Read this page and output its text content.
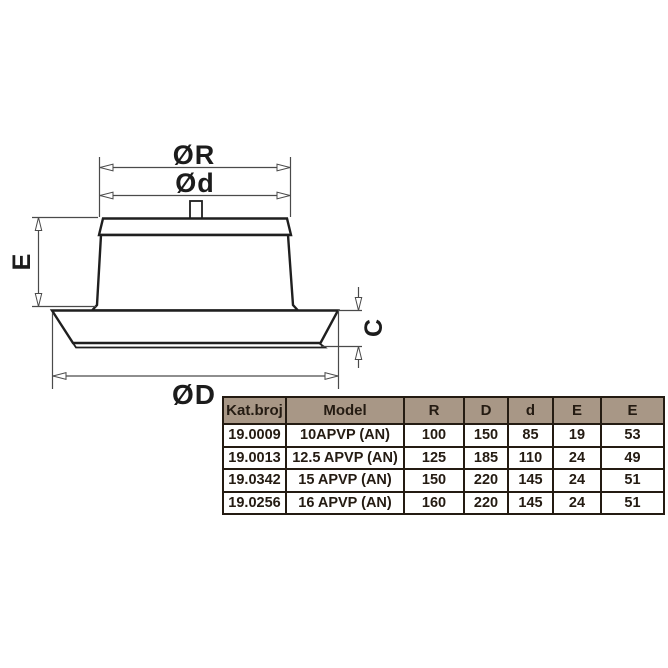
ØR
Ød
E
C
ØD
Kat.broj	Model	R	D	d	E	E
19.0009	10APVP (AN)	100	150	85	19	53
19.0013	12.5 APVP (AN)	125	185	110	24	49
19.0342	15 APVP (AN)	150	220	145	24	51
19.0256	16 APVP (AN)	160	220	145	24	51
